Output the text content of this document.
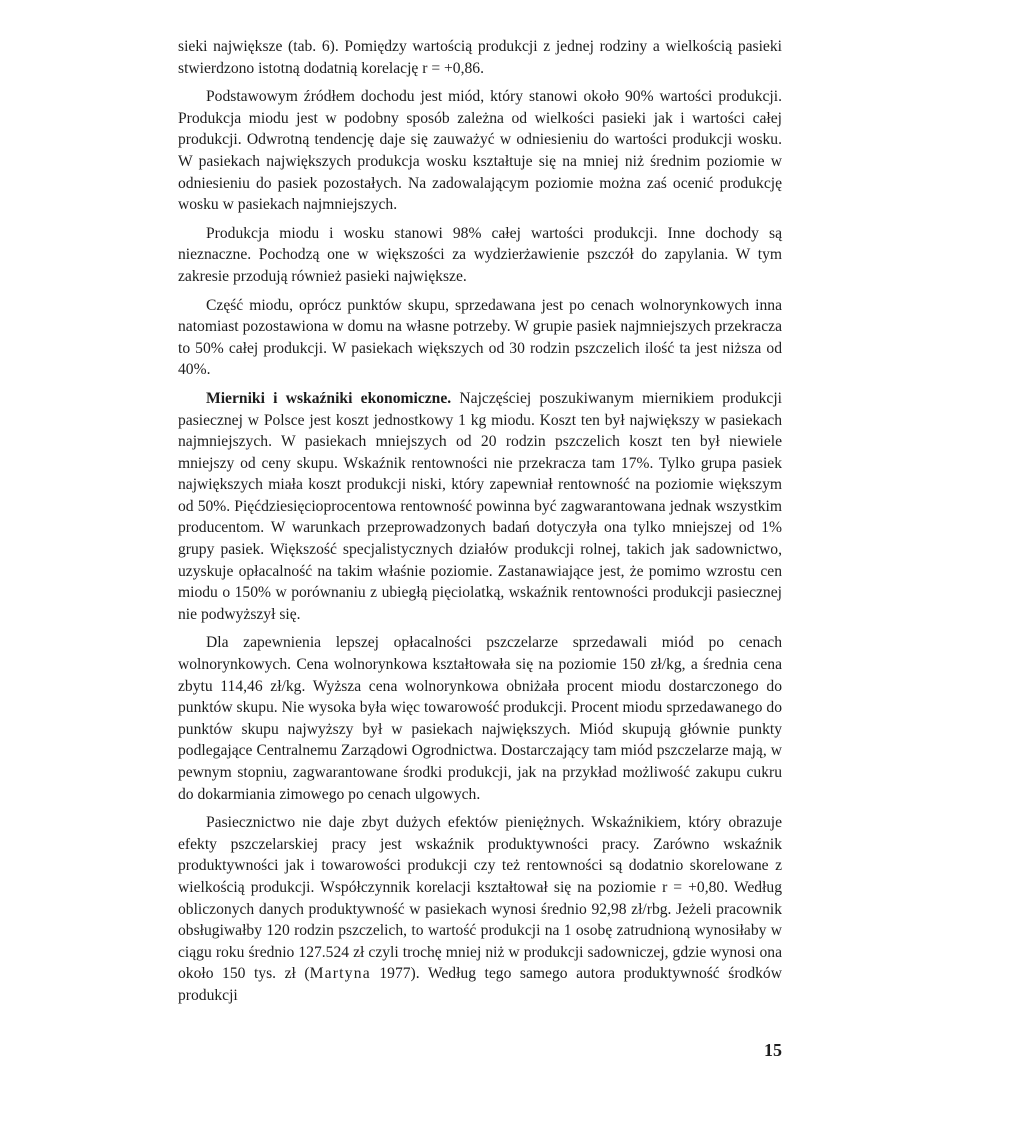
sieki największe (tab. 6). Pomiędzy wartością produkcji z jednej rodziny a wielkością pasieki stwierdzono istotną dodatnią korelację r = +0,86.

Podstawowym źródłem dochodu jest miód, który stanowi około 90% wartości produkcji. Produkcja miodu jest w podobny sposób zależna od wielkości pasieki jak i wartości całej produkcji. Odwrotną tendencję daje się zauważyć w odniesieniu do wartości produkcji wosku. W pasiekach największych produkcja wosku kształtuje się na mniej niż średnim poziomie w odniesieniu do pasiek pozostałych. Na zadowalającym poziomie można zaś ocenić produkcję wosku w pasiekach najmniejszych.

Produkcja miodu i wosku stanowi 98% całej wartości produkcji. Inne dochody są nieznaczne. Pochodzą one w większości za wydzierżawienie pszczół do zapylania. W tym zakresie przodują również pasieki największe.

Część miodu, oprócz punktów skupu, sprzedawana jest po cenach wolnorynkowych inna natomiast pozostawiona w domu na własne potrzeby. W grupie pasiek najmniejszych przekracza to 50% całej produkcji. W pasiekach większych od 30 rodzin pszczelich ilość ta jest niższa od 40%.

Mierniki i wskaźniki ekonomiczne. Najczęściej poszukiwanym miernikiem produkcji pasiecznej w Polsce jest koszt jednostkowy 1 kg miodu. Koszt ten był największy w pasiekach najmniejszych. W pasiekach mniejszych od 20 rodzin pszczelich koszt ten był niewiele mniejszy od ceny skupu. Wskaźnik rentowności nie przekracza tam 17%. Tylko grupa pasiek największych miała koszt produkcji niski, który zapewniał rentowność na poziomie większym od 50%. Pięćdziesięcioprocentowa rentowność powinna być zagwarantowana jednak wszystkim producentom. W warunkach przeprowadzonych badań dotyczyła ona tylko mniejszej od 1% grupy pasiek. Większość specjalistycznych działów produkcji rolnej, takich jak sadownictwo, uzyskuje opłacalność na takim właśnie poziomie. Zastanawiające jest, że pomimo wzrostu cen miodu o 150% w porównaniu z ubiegłą pięciolatką, wskaźnik rentowności produkcji pasiecznej nie podwyższył się.

Dla zapewnienia lepszej opłacalności pszczelarze sprzedawali miód po cenach wolnorynkowych. Cena wolnorynkowa kształtowała się na poziomie 150 zł/kg, a średnia cena zbytu 114,46 zł/kg. Wyższa cena wolnorynkowa obniżała procent miodu dostarczonego do punktów skupu. Nie wysoka była więc towarowość produkcji. Procent miodu sprzedawanego do punktów skupu najwyższy był w pasiekach największych. Miód skupują głównie punkty podlegające Centralnemu Zarządowi Ogrodnictwa. Dostarczający tam miód pszczelarze mają, w pewnym stopniu, zagwarantowane środki produkcji, jak na przykład możliwość zakupu cukru do dokarmiania zimowego po cenach ulgowych.

Pasiecznictwo nie daje zbyt dużych efektów pieniężnych. Wskaźnikiem, który obrazuje efekty pszczelarskiej pracy jest wskaźnik produktywności pracy. Zarówno wskaźnik produktywności jak i towarowości produkcji czy też rentowności są dodatnio skorelowane z wielkością produkcji. Współczynnik korelacji kształtował się na poziomie r = +0,80. Według obliczonych danych produktywność w pasiekach wynosi średnio 92,98 zł/rbg. Jeżeli pracownik obsługiwałby 120 rodzin pszczelich, to wartość produkcji na 1 osobę zatrudnioną wynosiłaby w ciągu roku średnio 127.524 zł czyli trochę mniej niż w produkcji sadowniczej, gdzie wynosi ona około 150 tys. zł (Martyna 1977). Według tego samego autora produktywność środków produkcji

15
